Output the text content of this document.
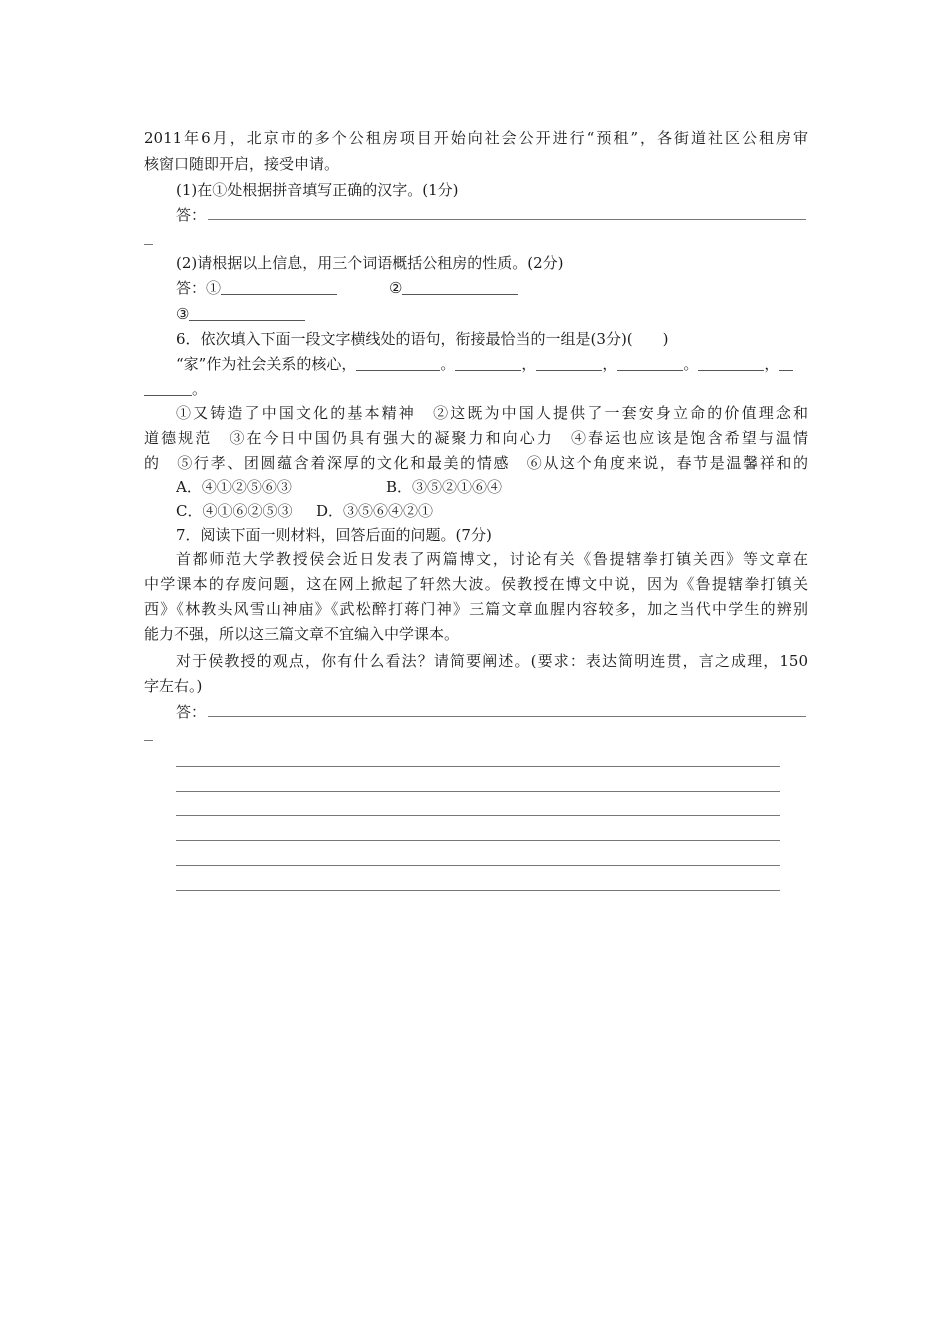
2011年6月，北京市的多个公租房项目开始向社会公开进行“预租”，各街道社区公租房审
核窗口随即开启，接受申请。
(1)在①处根据拼音填写正确的汉字。(1分)
答：
(2)请根据以上信息，用三个词语概括公租房的性质。(2分)
答：①	②
③
6．依次填入下面一段文字横线处的语句，衔接最恰当的一组是(3分)(　　)
“家”作为社会关系的核心，	。	，	，	。	，
。
①又铸造了中国文化的基本精神　②这既为中国人提供了一套安身立命的价值理念和
道德规范　③在今日中国仍具有强大的凝聚力和向心力　④春运也应该是饱含希望与温情
的　⑤行孝、团圆蕴含着深厚的文化和最美的情感　⑥从这个角度来说，春节是温馨祥和的
A．④①②⑤⑥③	B．③⑤②①⑥④
C．④①⑥②⑤③ D．③⑤⑥④②①
7．阅读下面一则材料，回答后面的问题。(7分)
首都师范大学教授侯会近日发表了两篇博文，讨论有关《鲁提辖拳打镇关西》等文章在
中学课本的存废问题，这在网上掀起了轩然大波。侯教授在博文中说，因为《鲁提辖拳打镇关
西》《林教头风雪山神庙》《武松醉打蒋门神》三篇文章血腥内容较多，加之当代中学生的辨别
能力不强，所以这三篇文章不宜编入中学课本。
对于侯教授的观点，你有什么看法？请简要阐述。(要求：表达简明连贯，言之成理，150
字左右。)
答：
